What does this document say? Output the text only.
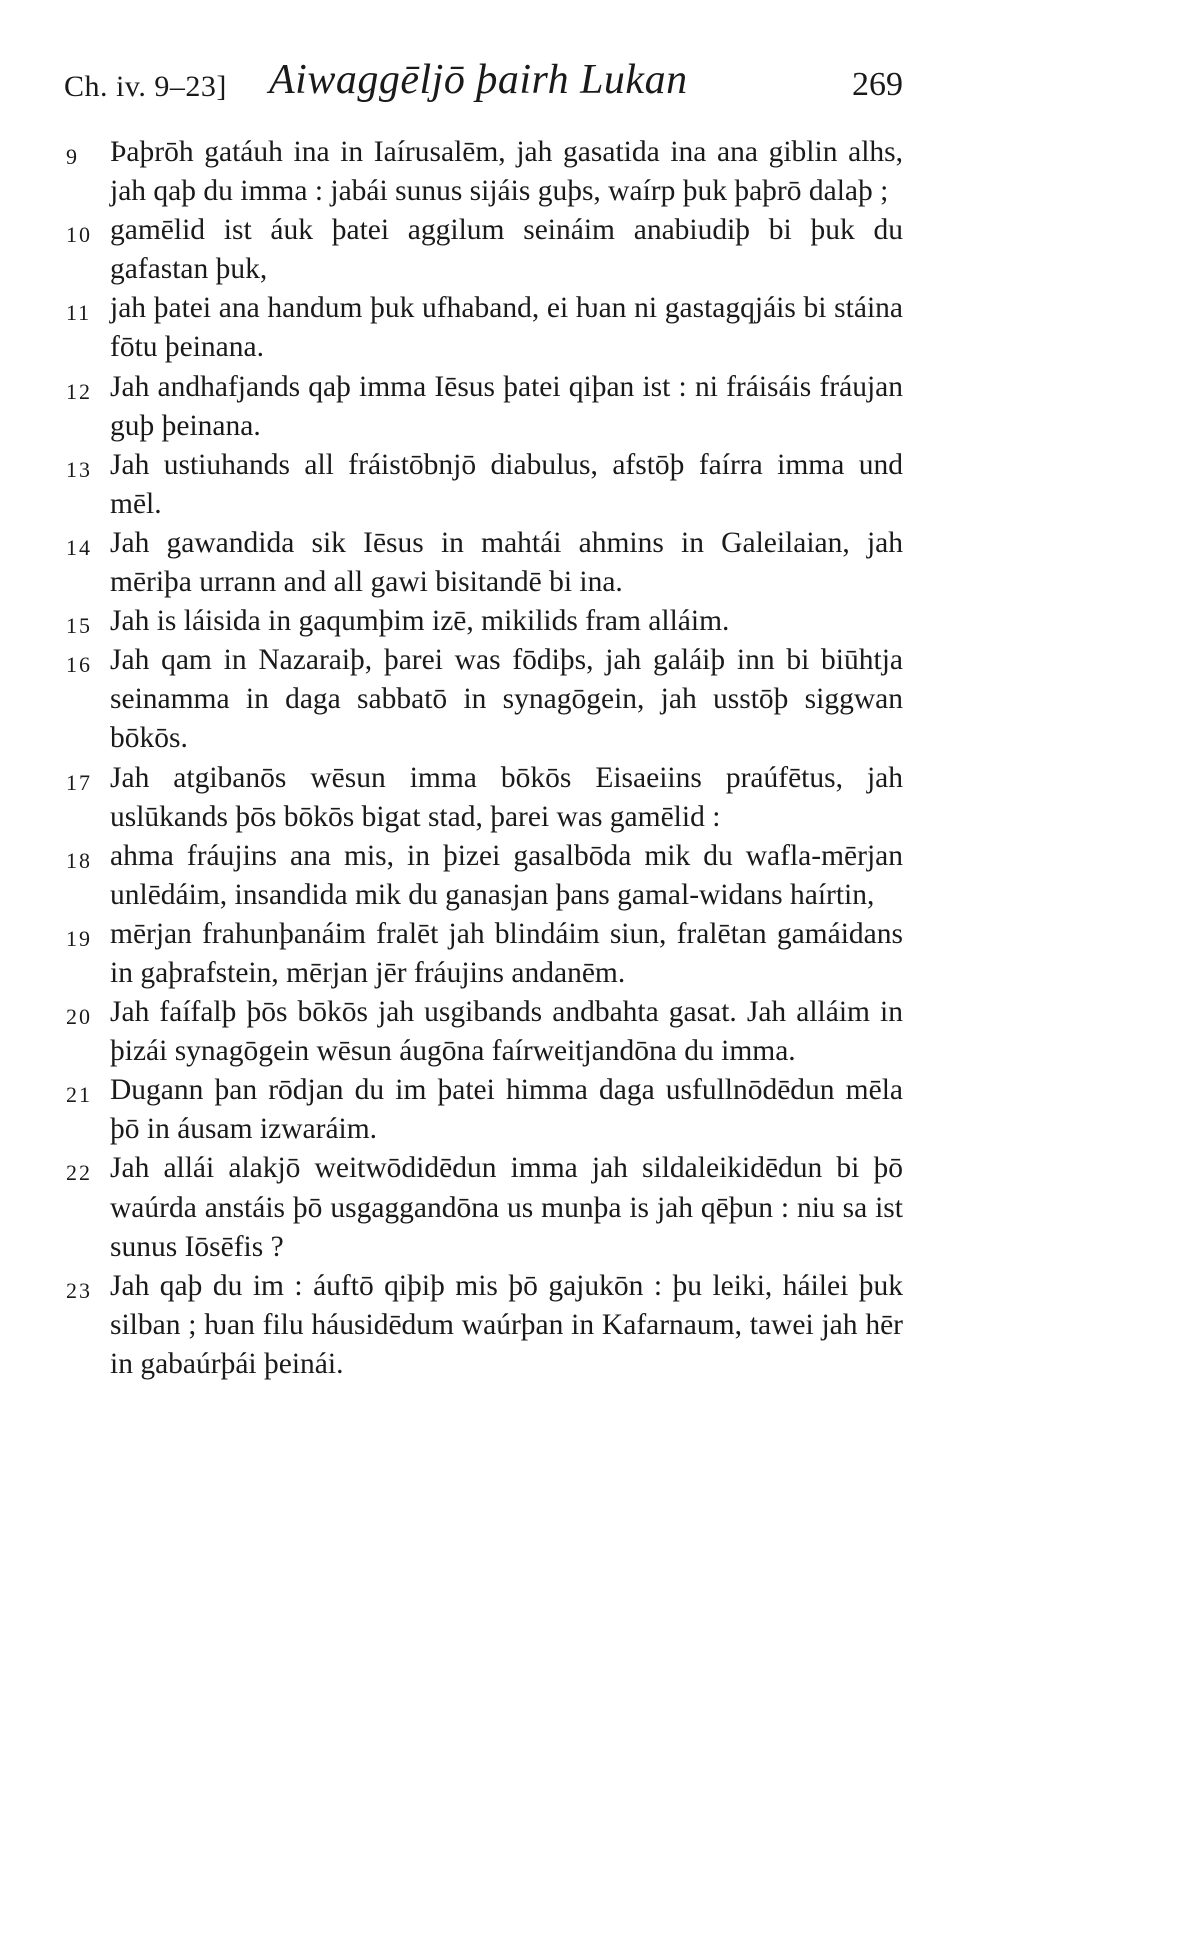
Ch. iv. 9–23] Aiwaggēljō þairh Lukan	269

9	Þaþrōh gatáuh ina in Iaírusalēm, jah gasatida ina ana giblin alhs, jah qaþ du imma : jabái sunus sijáis guþs, waírp þuk þaþrō dalaþ ;

10 gamēlid ist áuk þatei aggilum seináim anabiudiþ bi þuk du gafastan þuk,

11 jah þatei ana handum þuk ufhaband, ei ƕan ni gastagqjáis bi stáina fōtu þeinana.

12 Jah andhafjands qaþ imma Iēsus þatei qiþan ist : ni fráisáis fráujan guþ þeinana.

13 Jah ustiuhands all fráistōbnjō diabulus, afstōþ faírra imma und mēl.

14 Jah gawandida sik Iēsus in mahtái ahmins in Galeilaian, jah mēriþa urrann and all gawi bisitandē bi ina.

15 Jah is láisida in gaqumþim izē, mikilids fram alláim.

16 Jah qam in Nazaraiþ, þarei was fōdiþs, jah galáiþ inn bi biūhtja seinamma in daga sabbatō in synagōgein, jah usstōþ siggwan bōkōs.

17 Jah atgibanōs wēsun imma bōkōs Eisaeiins praúfētus, jah uslūkands þōs bōkōs bigat stad, þarei was gamēlid :

18 ahma fráujins ana mis, in þizei gasalbōda mik du wafla-mērjan unlēdáim, insandida mik du ganasjan þans gamal-widans haírtin,

19 mērjan frahunþanáim fralēt jah blindáim siun, fralētan gamáidans in gaþrafstein, mērjan jēr fráujins andanēm.

20 Jah faífalþ þōs bōkōs jah usgibands andbahta gasat. Jah alláim in þizái synagōgein wēsun áugōna faírweitjandōna du imma.

21 Dugann þan rōdjan du im þatei himma daga usfullnōdēdun mēla þō in áusam izwaráim.

22 Jah allái alakjō weitwōdidēdun imma jah sildaleikidēdun bi þō waúrda anstáis þō usgaggandōna us munþa is jah qēþun : niu sa ist sunus Iōsēfis ?

23 Jah qaþ du im : áuftō qiþiþ mis þō gajukōn : þu leiki, háilei þuk silban ; ƕan filu háusidēdum waúrþan in Kafarnaum, tawei jah hēr in gabaúrþái þeinái.
